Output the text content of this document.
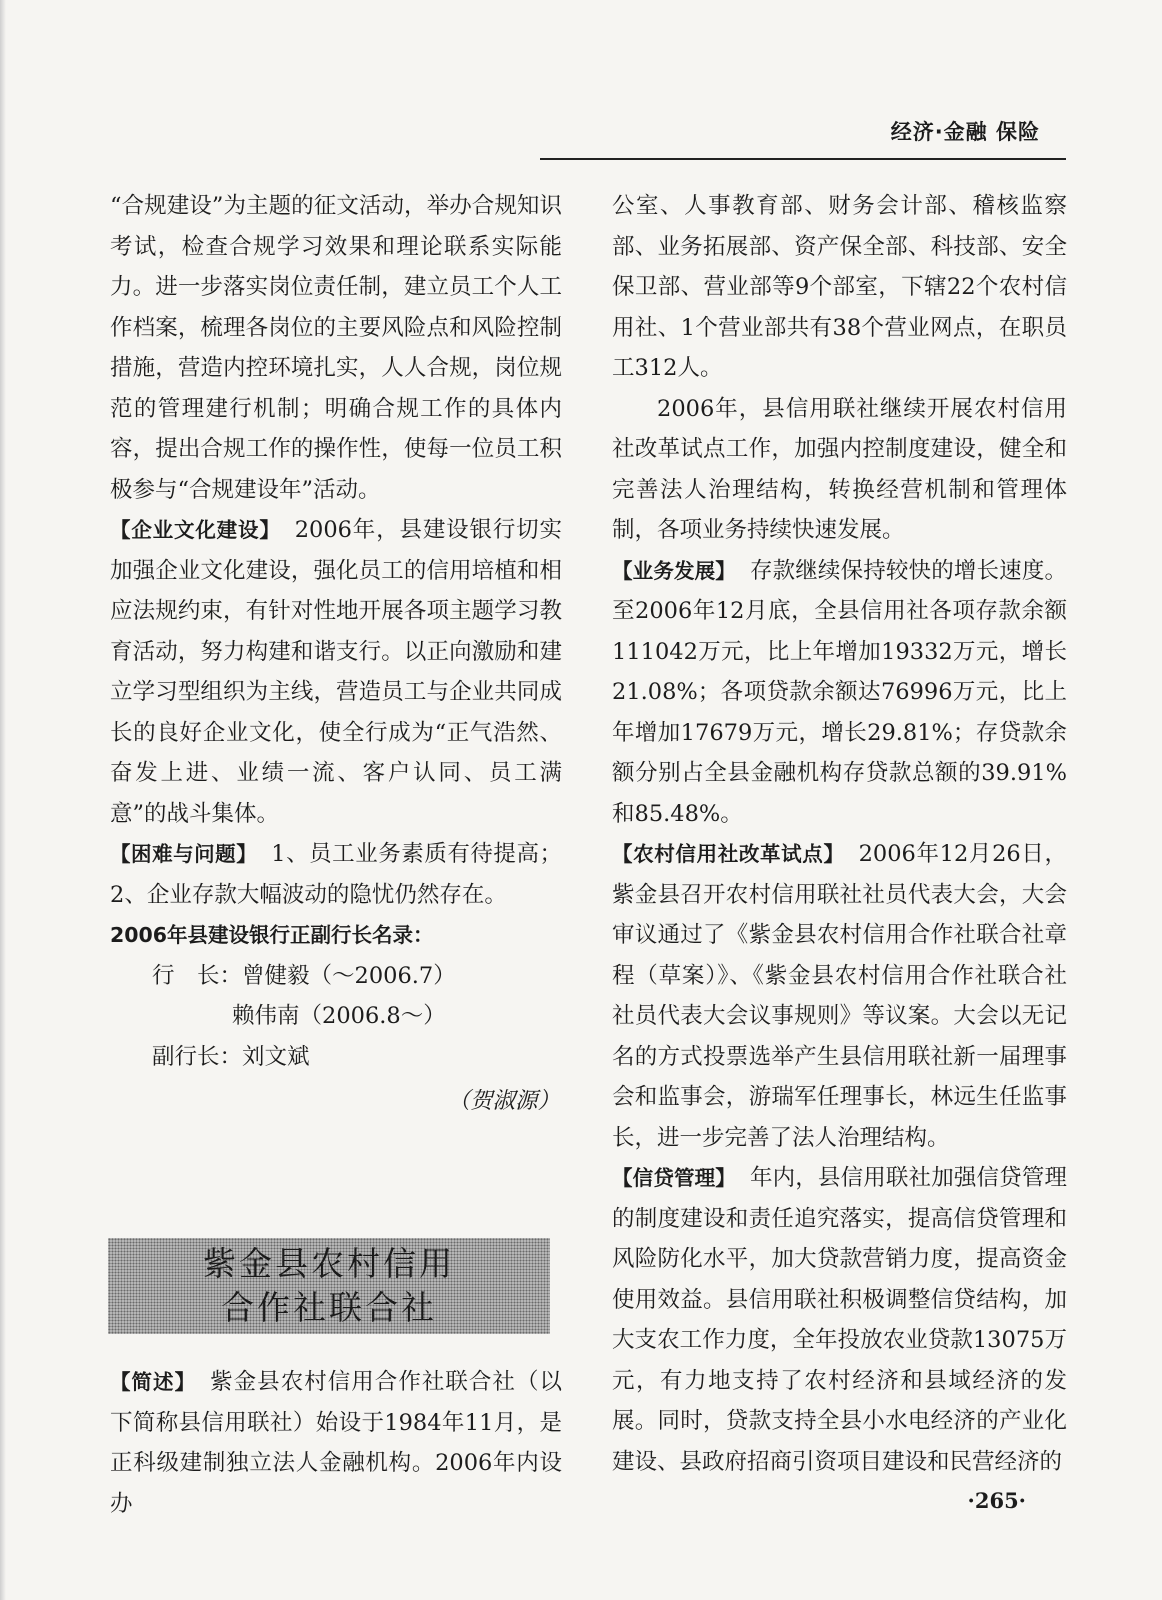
经济·金融 保险

“合规建设”为主题的征文活动，举办合规知识考试，检查合规学习效果和理论联系实际能力。进一步落实岗位责任制，建立员工个人工作档案，梳理各岗位的主要风险点和风险控制措施，营造内控环境扎实，人人合规，岗位规范的管理建行机制；明确合规工作的具体内容，提出合规工作的操作性，使每一位员工积极参与“合规建设年”活动。

【企业文化建设】 2006年，县建设银行切实加强企业文化建设，强化员工的信用培植和相应法规约束，有针对性地开展各项主题学习教育活动，努力构建和谐支行。以正向激励和建立学习型组织为主线，营造员工与企业共同成长的良好企业文化，使全行成为“正气浩然、奋发上进、业绩一流、客户认同、员工满意”的战斗集体。

【困难与问题】 1、员工业务素质有待提高；2、企业存款大幅波动的隐忧仍然存在。

2006年县建设银行正副行长名录：

行　长：曾健毅（～2006.7）

赖伟南（2006.8～）

副行长：刘文斌

（贺淑源）

紫金县农村信用
合作社联合社

【简述】 紫金县农村信用合作社联合社（以下简称县信用联社）始设于1984年11月，是正科级建制独立法人金融机构。2006年内设办

公室、人事教育部、财务会计部、稽核监察部、业务拓展部、资产保全部、科技部、安全保卫部、营业部等9个部室，下辖22个农村信用社、1个营业部共有38个营业网点，在职员工312人。

2006年，县信用联社继续开展农村信用社改革试点工作，加强内控制度建设，健全和完善法人治理结构，转换经营机制和管理体制，各项业务持续快速发展。

【业务发展】 存款继续保持较快的增长速度。至2006年12月底，全县信用社各项存款余额111042万元，比上年增加19332万元，增长21.08%；各项贷款余额达76996万元，比上年增加17679万元，增长29.81%；存贷款余额分别占全县金融机构存贷款总额的39.91%和85.48%。

【农村信用社改革试点】 2006年12月26日，紫金县召开农村信用联社社员代表大会，大会审议通过了《紫金县农村信用合作社联合社章程（草案）》、《紫金县农村信用合作社联合社社员代表大会议事规则》等议案。大会以无记名的方式投票选举产生县信用联社新一届理事会和监事会，游瑞军任理事长，林远生任监事长，进一步完善了法人治理结构。

【信贷管理】 年内，县信用联社加强信贷管理的制度建设和责任追究落实，提高信贷管理和风险防化水平，加大贷款营销力度，提高资金使用效益。县信用联社积极调整信贷结构，加大支农工作力度，全年投放农业贷款13075万元，有力地支持了农村经济和县域经济的发展。同时，贷款支持全县小水电经济的产业化建设、县政府招商引资项目建设和民营经济的

·265·
